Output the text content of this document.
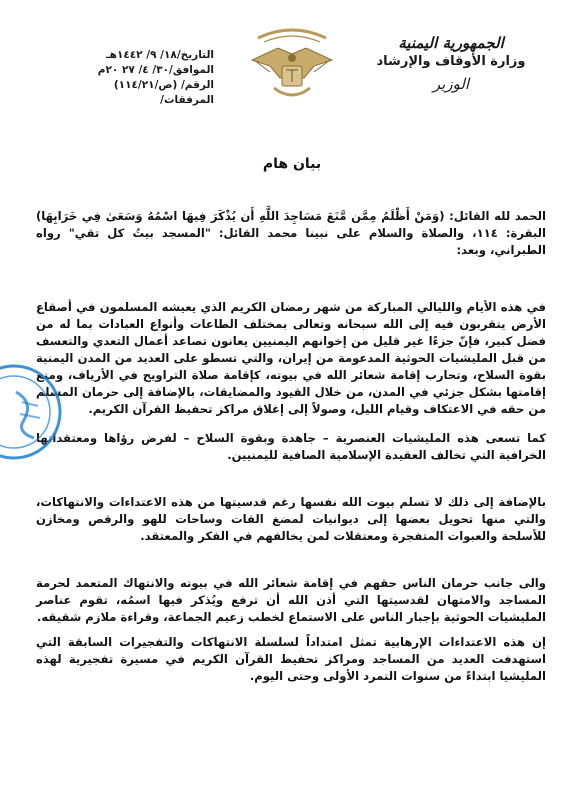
التاريخ/١٨/ ٩/ ١٤٤٢هـ
الموافق/٣٠/ ٤/ ٢٧ ٢٠م
الرقم/ (ص/١١٤/٢١)
المرفقات/
الجمهورية اليمنية
وزارة الأوقاف والإرشاد
الوزير
بيان هام

الحمد لله القائل: (وَمَنْ أَظْلَمُ مِمَّن مَّنَعَ مَسَاجِدَ اللَّهِ أَن يُذْكَرَ فِيهَا اسْمُهُ وَسَعَىٰ فِي خَرَابِهَا) البقرة: ١١٤، والصلاة والسلام على نبينا محمد القائل: "المسجد بيتُ كل تقي" رواه الطبراني، وبعد:

في هذه الأيام والليالي المباركة من شهر رمضان الكريم الذي يعيشه المسلمون في أصقاع الأرض يتقربون فيه إلى الله سبحانه وتعالى بمختلف الطاعات وأنواع العبادات بما له من فضل كبير، فإنّ جزءًا غير قليل من إخوانهم اليمنيين يعانون تصاعد أعمال التعدي والتعسف من قبل المليشيات الحوثية المدعومة من إيران، والتي تسطو على العديد من المدن اليمنية بقوة السلاح، وتحارب إقامة شعائر الله في بيوته، كإقامة صلاة التراويح في الأرياف، ومنع إقامتها بشكل جزئي في المدن، من خلال القيود والمضايقات، بالإضافة إلى حرمان المسلم من حقه في الاعتكاف وقيام الليل، وصولاً إلى إغلاق مراكز تحفيظ القرآن الكريم.

كما تسعى هذه المليشيات العنصرية – جاهدة وبقوة السلاح – لفرض رؤاها ومعتقداتها الخرافية التي تخالف العقيدة الإسلامية الصافية لليمنيين.

بالإضافة إلى ذلك لا تسلم بيوت الله نفسها رغم قدسيتها من هذه الاعتداءات والانتهاكات، والتي منها تحويل بعضها إلى ديوانيات لمضغ القات وساحات للهو والرقص ومخازن للأسلحة والعبوات المتفجرة ومعتقلات لمن يخالفهم في الفكر والمعتقد.

والى جانب حرمان الناس حقهم في إقامة شعائر الله في بيوته والانتهاك المتعمد لحرمة المساجد والامتهان لقدسيتها التي أذن الله أن ترفع ويُذكر فيها اسمُه، تقوم عناصر المليشيات الحوثية بإجبار الناس على الاستماع لخطب زعيم الجماعة، وقراءة ملازم شقيقه.

إن هذه الاعتداءات الإرهابية تمثل امتداداً لسلسلة الانتهاكات والتفجيرات السابقة التي استهدفت العديد من المساجد ومراكز تحفيظ القرآن الكريم في مسيرة تفجيرية لهذه المليشيا ابتداءً من سنوات التمرد الأولى وحتى اليوم.
